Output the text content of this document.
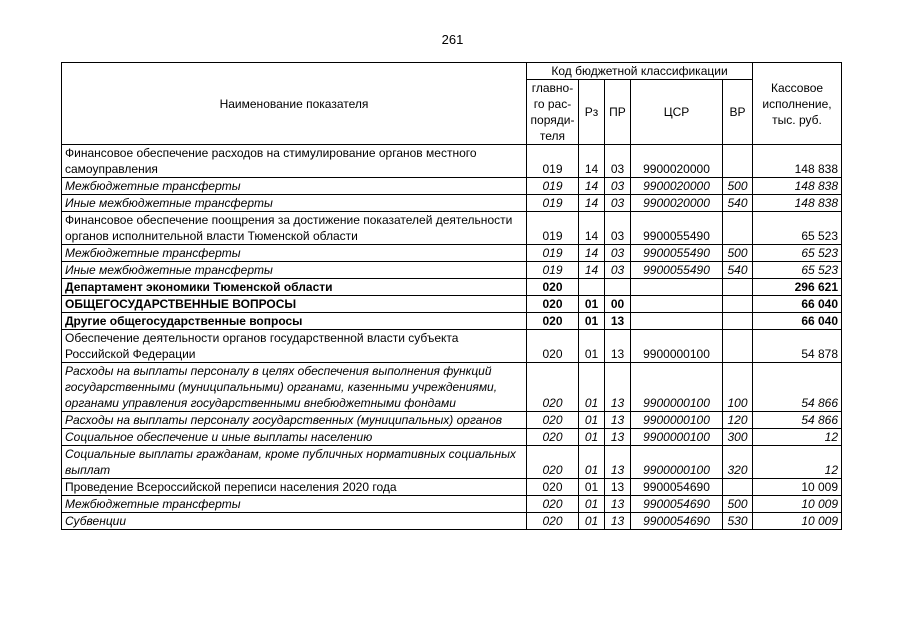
261
Наименование показателя	Код бюджетной классификации					Кассовое исполнение, тыс. руб.
	главно-го рас-поряди-теля	Рз	ПР	ЦСР	ВР	
Финансовое обеспечение расходов на стимулирование органов местного самоуправления	019	14	03	9900020000		148 838
Межбюджетные трансферты	019	14	03	9900020000	500	148 838
Иные межбюджетные трансферты	019	14	03	9900020000	540	148 838
Финансовое обеспечение поощрения за достижение показателей деятельности органов исполнительной власти Тюменской области	019	14	03	9900055490		65 523
Межбюджетные трансферты	019	14	03	9900055490	500	65 523
Иные межбюджетные трансферты	019	14	03	9900055490	540	65 523
Департамент экономики Тюменской области	020					296 621
ОБЩЕГОСУДАРСТВЕННЫЕ ВОПРОСЫ	020	01	00			66 040
Другие общегосударственные вопросы	020	01	13			66 040
Обеспечение деятельности органов государственной власти субъекта Российской Федерации	020	01	13	9900000100		54 878
Расходы на выплаты персоналу в целях обеспечения выполнения функций государственными (муниципальными) органами, казенными учреждениями, органами управления государственными внебюджетными фондами	020	01	13	9900000100	100	54 866
Расходы на выплаты персоналу государственных (муниципальных) органов	020	01	13	9900000100	120	54 866
Социальное обеспечение и иные выплаты населению	020	01	13	9900000100	300	12
Социальные выплаты гражданам, кроме публичных нормативных социальных выплат	020	01	13	9900000100	320	12
Проведение Всероссийской переписи населения 2020 года	020	01	13	9900054690		10 009
Межбюджетные трансферты	020	01	13	9900054690	500	10 009
Субвенции	020	01	13	9900054690	530	10 009
